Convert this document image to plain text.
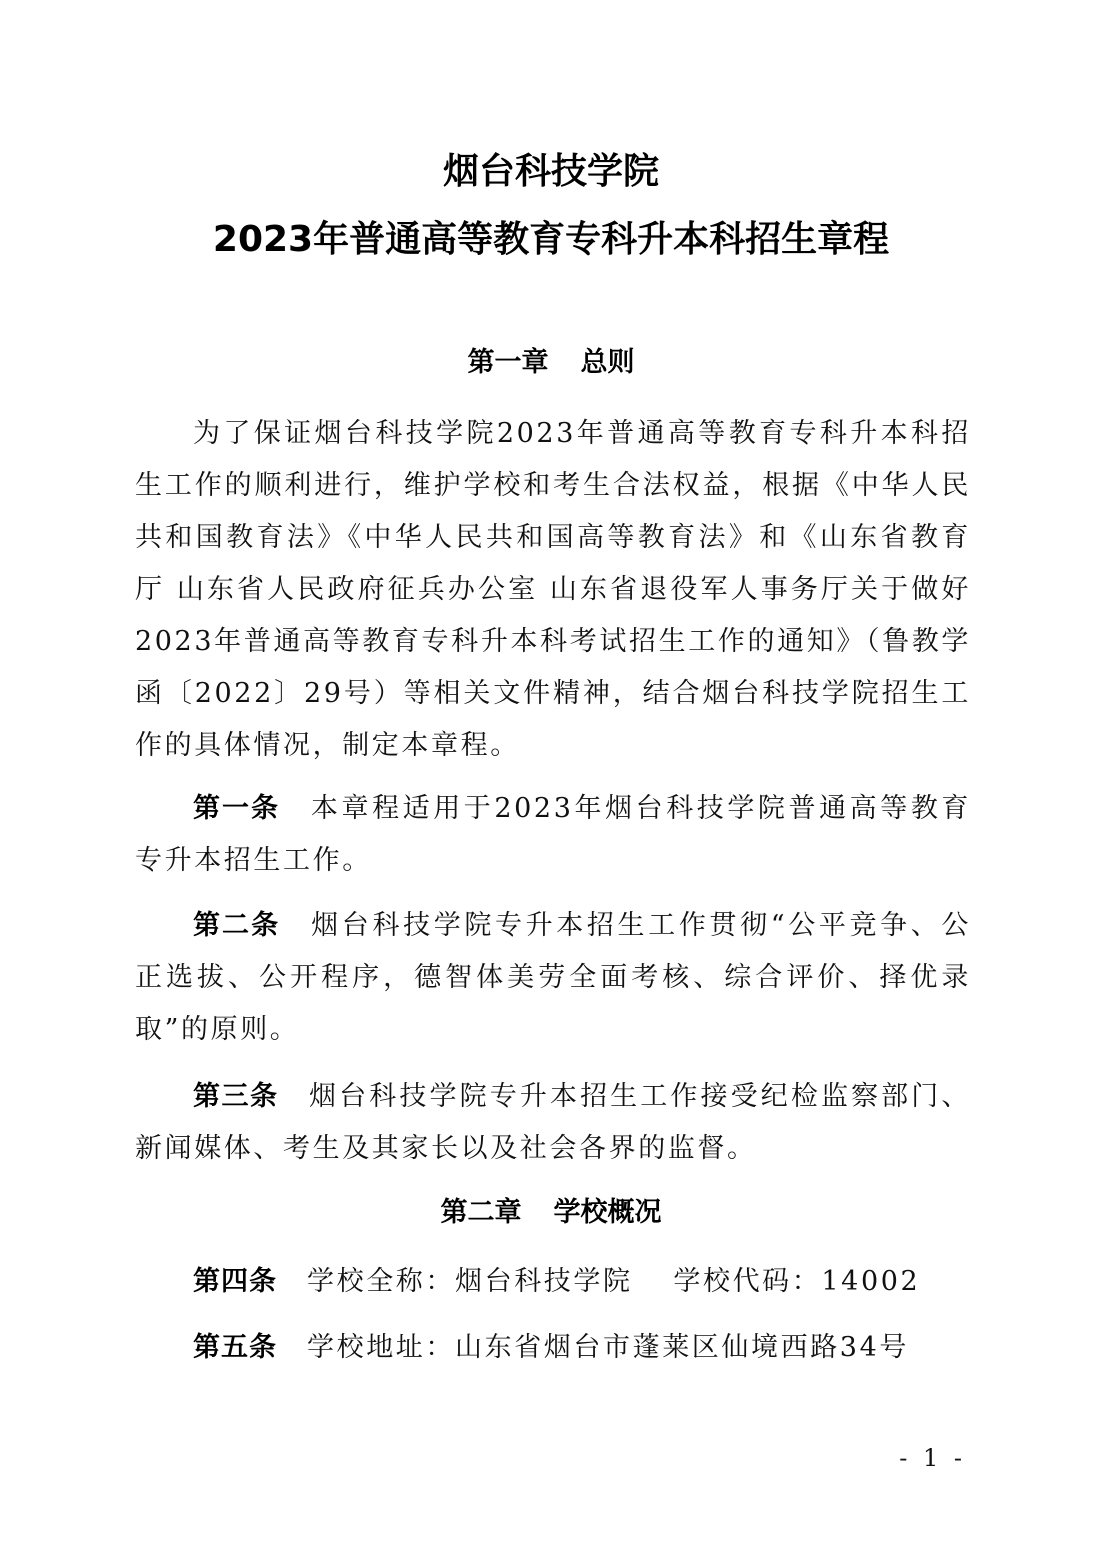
烟台科技学院
2023年普通高等教育专科升本科招生章程
第一章 总则

为了保证烟台科技学院2023年普通高等教育专科升本科招生工作的顺利进行，维护学校和考生合法权益，根据《中华人民共和国教育法》《中华人民共和国高等教育法》和《山东省教育厅 山东省人民政府征兵办公室 山东省退役军人事务厅关于做好2023年普通高等教育专科升本科考试招生工作的通知》（鲁教学函〔2022〕29号）等相关文件精神，结合烟台科技学院招生工作的具体情况，制定本章程。

第一条 本章程适用于2023年烟台科技学院普通高等教育专升本招生工作。

第二条 烟台科技学院专升本招生工作贯彻“公平竞争、公正选拔、公开程序，德智体美劳全面考核、综合评价、择优录取”的原则。

第三条 烟台科技学院专升本招生工作接受纪检监察部门、新闻媒体、考生及其家长以及社会各界的监督。

第二章 学校概况

第四条 学校全称：烟台科技学院　 学校代码：14002

第五条 学校地址：山东省烟台市蓬莱区仙境西路34号

- 1 -
